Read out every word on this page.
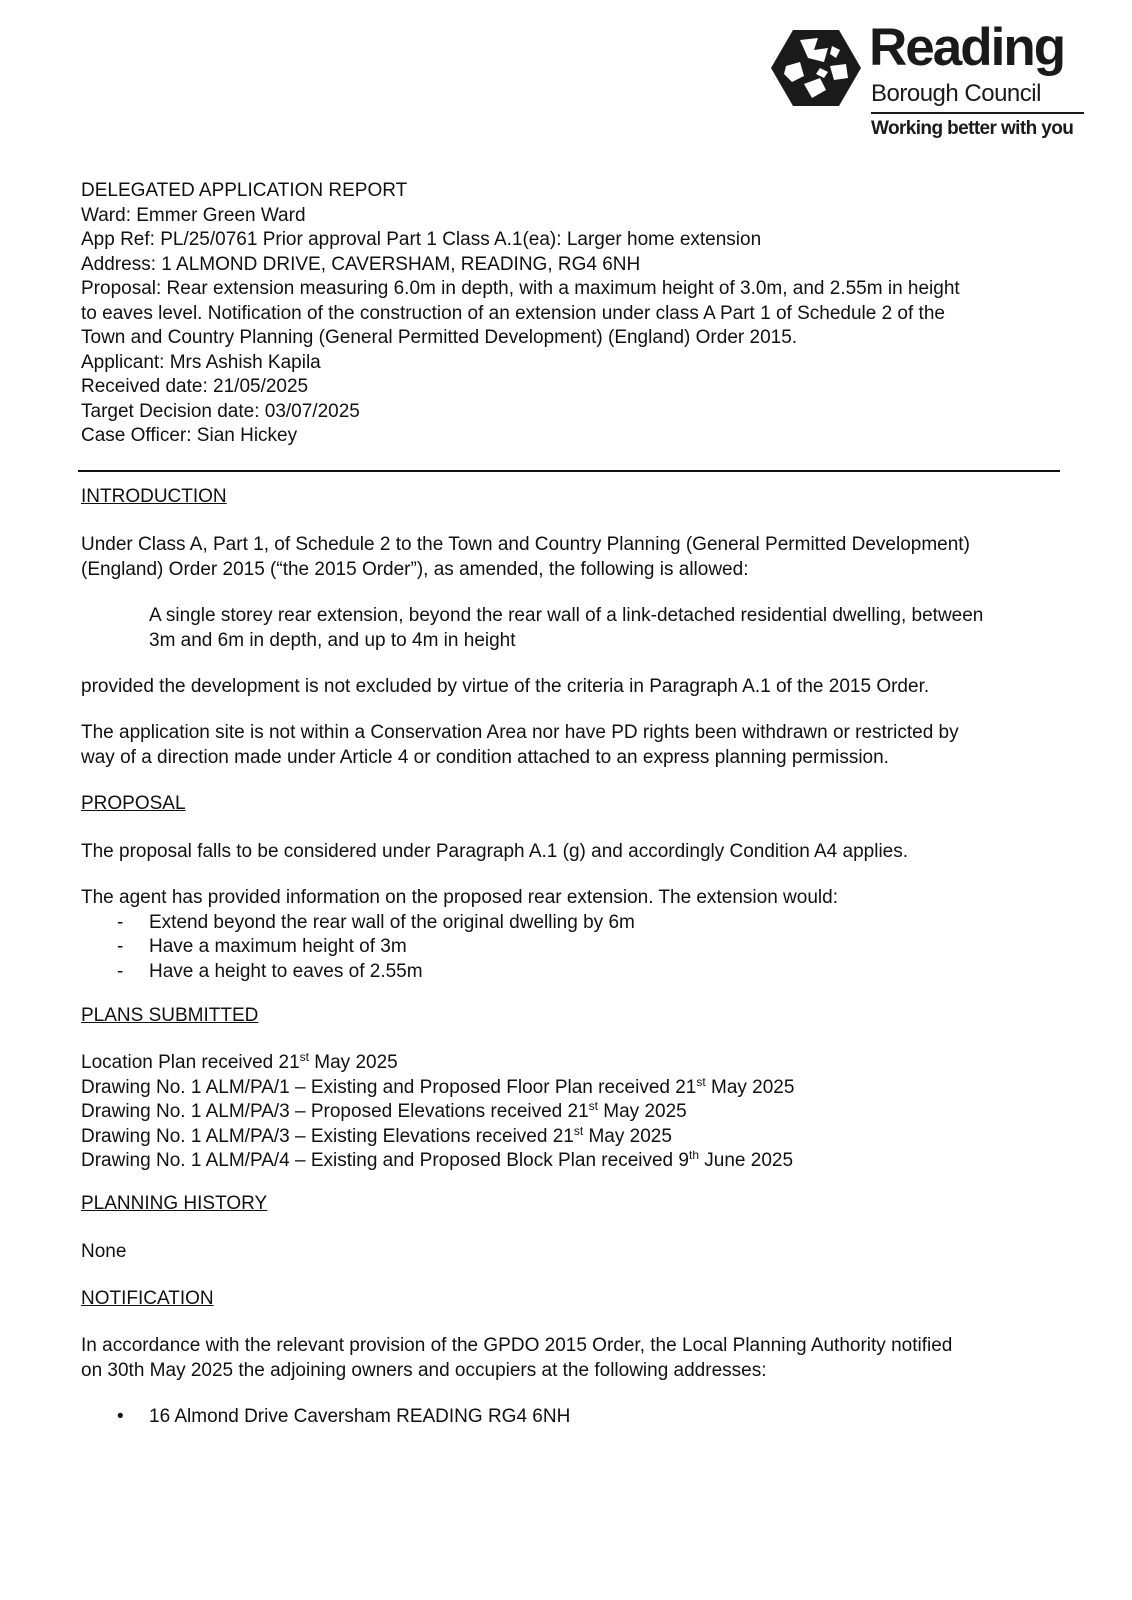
Reading
Borough Council
Working better with you
DELEGATED APPLICATION REPORT
Ward: Emmer Green Ward
App Ref: PL/25/0761 Prior approval Part 1 Class A.1(ea): Larger home extension
Address: 1 ALMOND DRIVE, CAVERSHAM, READING, RG4 6NH
Proposal: Rear extension measuring 6.0m in depth, with a maximum height of 3.0m, and 2.55m in height
to eaves level. Notification of the construction of an extension under class A Part 1 of Schedule 2 of the
Town and Country Planning (General Permitted Development) (England) Order 2015.
Applicant: Mrs Ashish Kapila
Received date: 21/05/2025
Target Decision date: 03/07/2025
Case Officer: Sian Hickey
INTRODUCTION

Under Class A, Part 1, of Schedule 2 to the Town and Country Planning (General Permitted Development)

(England) Order 2015 (“the 2015 Order”), as amended, the following is allowed:

A single storey rear extension, beyond the rear wall of a link-detached residential dwelling, between

3m and 6m in depth, and up to 4m in height

provided the development is not excluded by virtue of the criteria in Paragraph A.1 of the 2015 Order.

The application site is not within a Conservation Area nor have PD rights been withdrawn or restricted by

way of a direction made under Article 4 or condition attached to an express planning permission.

PROPOSAL

The proposal falls to be considered under Paragraph A.1 (g) and accordingly Condition A4 applies.

The agent has provided information on the proposed rear extension. The extension would:

- Extend beyond the rear wall of the original dwelling by 6m
- Have a maximum height of 3m
- Have a height to eaves of 2.55m
PLANS SUBMITTED

Location Plan received 21st May 2025

Drawing No. 1 ALM/PA/1 – Existing and Proposed Floor Plan received 21st May 2025

Drawing No. 1 ALM/PA/3 – Proposed Elevations received 21st May 2025

Drawing No. 1 ALM/PA/3 – Existing Elevations received 21st May 2025

Drawing No. 1 ALM/PA/4 – Existing and Proposed Block Plan received 9th June 2025

PLANNING HISTORY

None

NOTIFICATION

In accordance with the relevant provision of the GPDO 2015 Order, the Local Planning Authority notified

on 30th May 2025 the adjoining owners and occupiers at the following addresses:

• 16 Almond Drive Caversham READING RG4 6NH
